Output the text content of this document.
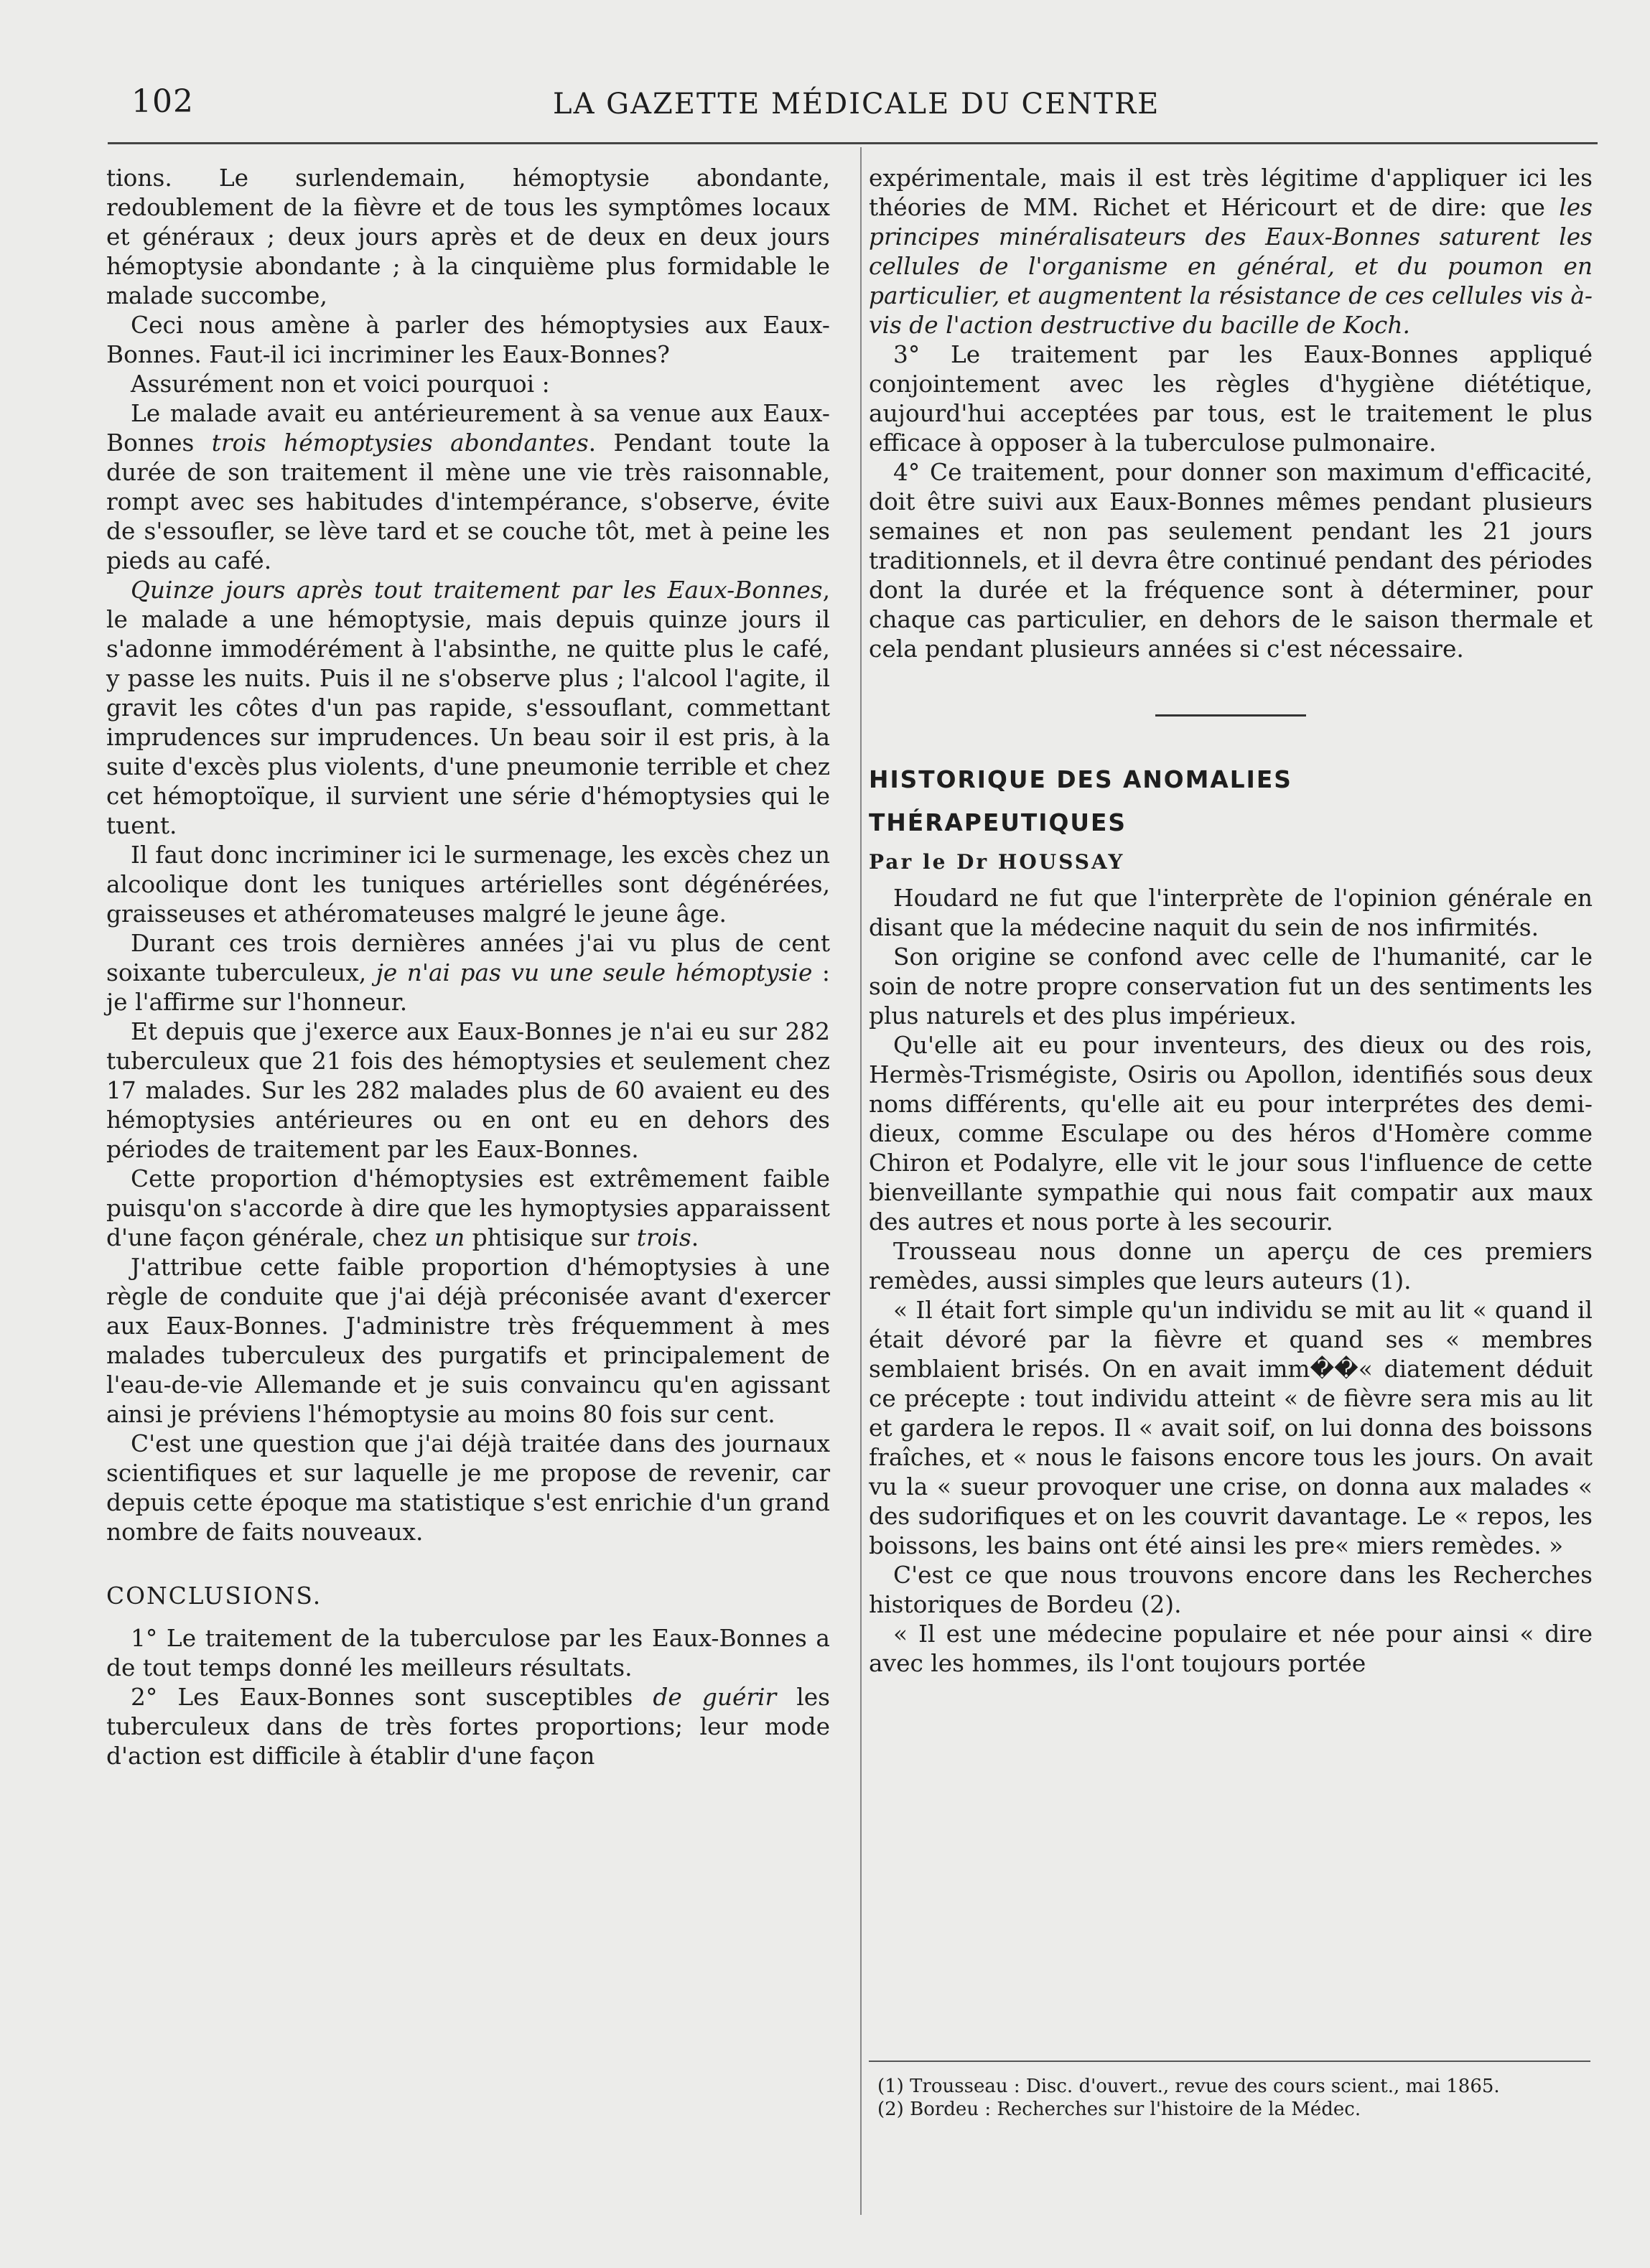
102	LA GAZETTE MÉDICALE DU CENTRE

tions. Le surlendemain, hémoptysie abondante, redoublement de la fièvre et de tous les symptômes locaux et généraux ; deux jours après et de deux en deux jours hémoptysie abondante ; à la cinquième plus formidable le malade succombe,

Ceci nous amène à parler des hémoptysies aux Eaux-Bonnes. Faut-il ici incriminer les Eaux-Bonnes?

Assurément non et voici pourquoi :

Le malade avait eu antérieurement à sa venue aux Eaux-Bonnes trois hémoptysies abondantes. Pendant toute la durée de son traitement il mène une vie très raisonnable, rompt avec ses habitudes d'intempérance, s'observe, évite de s'essoufler, se lève tard et se couche tôt, met à peine les pieds au café.

Quinze jours après tout traitement par les Eaux-Bonnes, le malade a une hémoptysie, mais depuis quinze jours il s'adonne immodérément à l'absinthe, ne quitte plus le café, y passe les nuits. Puis il ne s'observe plus ; l'alcool l'agite, il gravit les côtes d'un pas rapide, s'essouflant, commettant imprudences sur imprudences. Un beau soir il est pris, à la suite d'excès plus violents, d'une pneumonie terrible et chez cet hémoptoïque, il survient une série d'hémoptysies qui le tuent.

Il faut donc incriminer ici le surmenage, les excès chez un alcoolique dont les tuniques artérielles sont dégénérées, graisseuses et athéromateuses malgré le jeune âge.

Durant ces trois dernières années j'ai vu plus de cent soixante tuberculeux, je n'ai pas vu une seule hémoptysie : je l'affirme sur l'honneur.

Et depuis que j'exerce aux Eaux-Bonnes je n'ai eu sur 282 tuberculeux que 21 fois des hémoptysies et seulement chez 17 malades. Sur les 282 malades plus de 60 avaient eu des hémoptysies antérieures ou en ont eu en dehors des périodes de traitement par les Eaux-Bonnes.

Cette proportion d'hémoptysies est extrêmement faible puisqu'on s'accorde à dire que les hymoptysies apparaissent d'une façon générale, chez un phtisique sur trois.

J'attribue cette faible proportion d'hémoptysies à une règle de conduite que j'ai déjà préconisée avant d'exercer aux Eaux-Bonnes. J'administre très fréquemment à mes malades tuberculeux des purgatifs et principalement de l'eau-de-vie Allemande et je suis convaincu qu'en agissant ainsi je préviens l'hémoptysie au moins 80 fois sur cent.

C'est une question que j'ai déjà traitée dans des journaux scientifiques et sur laquelle je me propose de revenir, car depuis cette époque ma statistique s'est enrichie d'un grand nombre de faits nouveaux.

CONCLUSIONS.

1° Le traitement de la tuberculose par les Eaux-Bonnes a de tout temps donné les meilleurs résultats.

2° Les Eaux-Bonnes sont susceptibles de guérir les tuberculeux dans de très fortes proportions; leur mode d'action est difficile à établir d'une façon

expérimentale, mais il est très légitime d'appliquer ici les théories de MM. Richet et Héricourt et de dire: que les principes minéralisateurs des Eaux-Bonnes saturent les cellules de l'organisme en général, et du poumon en particulier, et augmentent la résistance de ces cellules vis à-vis de l'action destructive du bacille de Koch.

3° Le traitement par les Eaux-Bonnes appliqué conjointement avec les règles d'hygiène diététique, aujourd'hui acceptées par tous, est le traitement le plus efficace à opposer à la tuberculose pulmonaire.

4° Ce traitement, pour donner son maximum d'efficacité, doit être suivi aux Eaux-Bonnes mêmes pendant plusieurs semaines et non pas seulement pendant les 21 jours traditionnels, et il devra être continué pendant des périodes dont la durée et la fréquence sont à déterminer, pour chaque cas particulier, en dehors de le saison thermale et cela pendant plusieurs années si c'est nécessaire.

HISTORIQUE DES ANOMALIES

THÉRAPEUTIQUES

Par le Dr HOUSSAY

Houdard ne fut que l'interprète de l'opinion générale en disant que la médecine naquit du sein de nos infirmités.

Son origine se confond avec celle de l'humanité, car le soin de notre propre conservation fut un des sentiments les plus naturels et des plus impérieux.

Qu'elle ait eu pour inventeurs, des dieux ou des rois, Hermès-Trismégiste, Osiris ou Apollon, identifiés sous deux noms différents, qu'elle ait eu pour interprétes des demi-dieux, comme Esculape ou des héros d'Homère comme Chiron et Podalyre, elle vit le jour sous l'influence de cette bienveillante sympathie qui nous fait compatir aux maux des autres et nous porte à les secourir.

Trousseau nous donne un aperçu de ces premiers remèdes, aussi simples que leurs auteurs (1).

« Il était fort simple qu'un individu se mit au lit « quand il était dévoré par la fièvre et quand ses « membres semblaient brisés. On en avait imm��« diatement déduit ce précepte : tout individu atteint « de fièvre sera mis au lit et gardera le repos. Il « avait soif, on lui donna des boissons fraîches, et « nous le faisons encore tous les jours. On avait vu la « sueur provoquer une crise, on donna aux malades « des sudorifiques et on les couvrit davantage. Le « repos, les boissons, les bains ont été ainsi les pre« miers remèdes. »

C'est ce que nous trouvons encore dans les Recherches historiques de Bordeu (2).

« Il est une médecine populaire et née pour ainsi « dire avec les hommes, ils l'ont toujours portée

(1) Trousseau : Disc. d'ouvert., revue des cours scient., mai 1865.
(2) Bordeu : Recherches sur l'histoire de la Médec.
